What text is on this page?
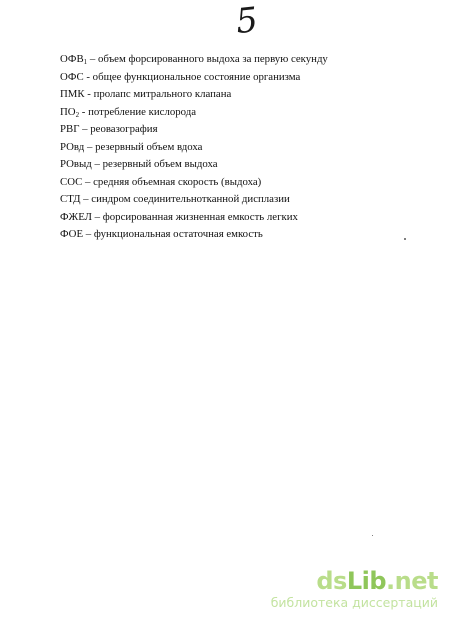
5
ОФВ1 – объем форсированного выдоха за первую секунду
ОФС - общее функциональное состояние организма
ПМК - пролапс митрального клапана
ПО2 - потребление кислорода
РВГ – реовазография
РОвд – резервный объем вдоха
РОвыд – резервный объем выдоха
СОС – средняя объемная скорость (выдоха)
СТД – синдром соединительнотканной дисплазии
ФЖЕЛ – форсированная жизненная емкость легких
ФОЕ – функциональная остаточная емкость
dsLib.net
библиотека диссертаций
